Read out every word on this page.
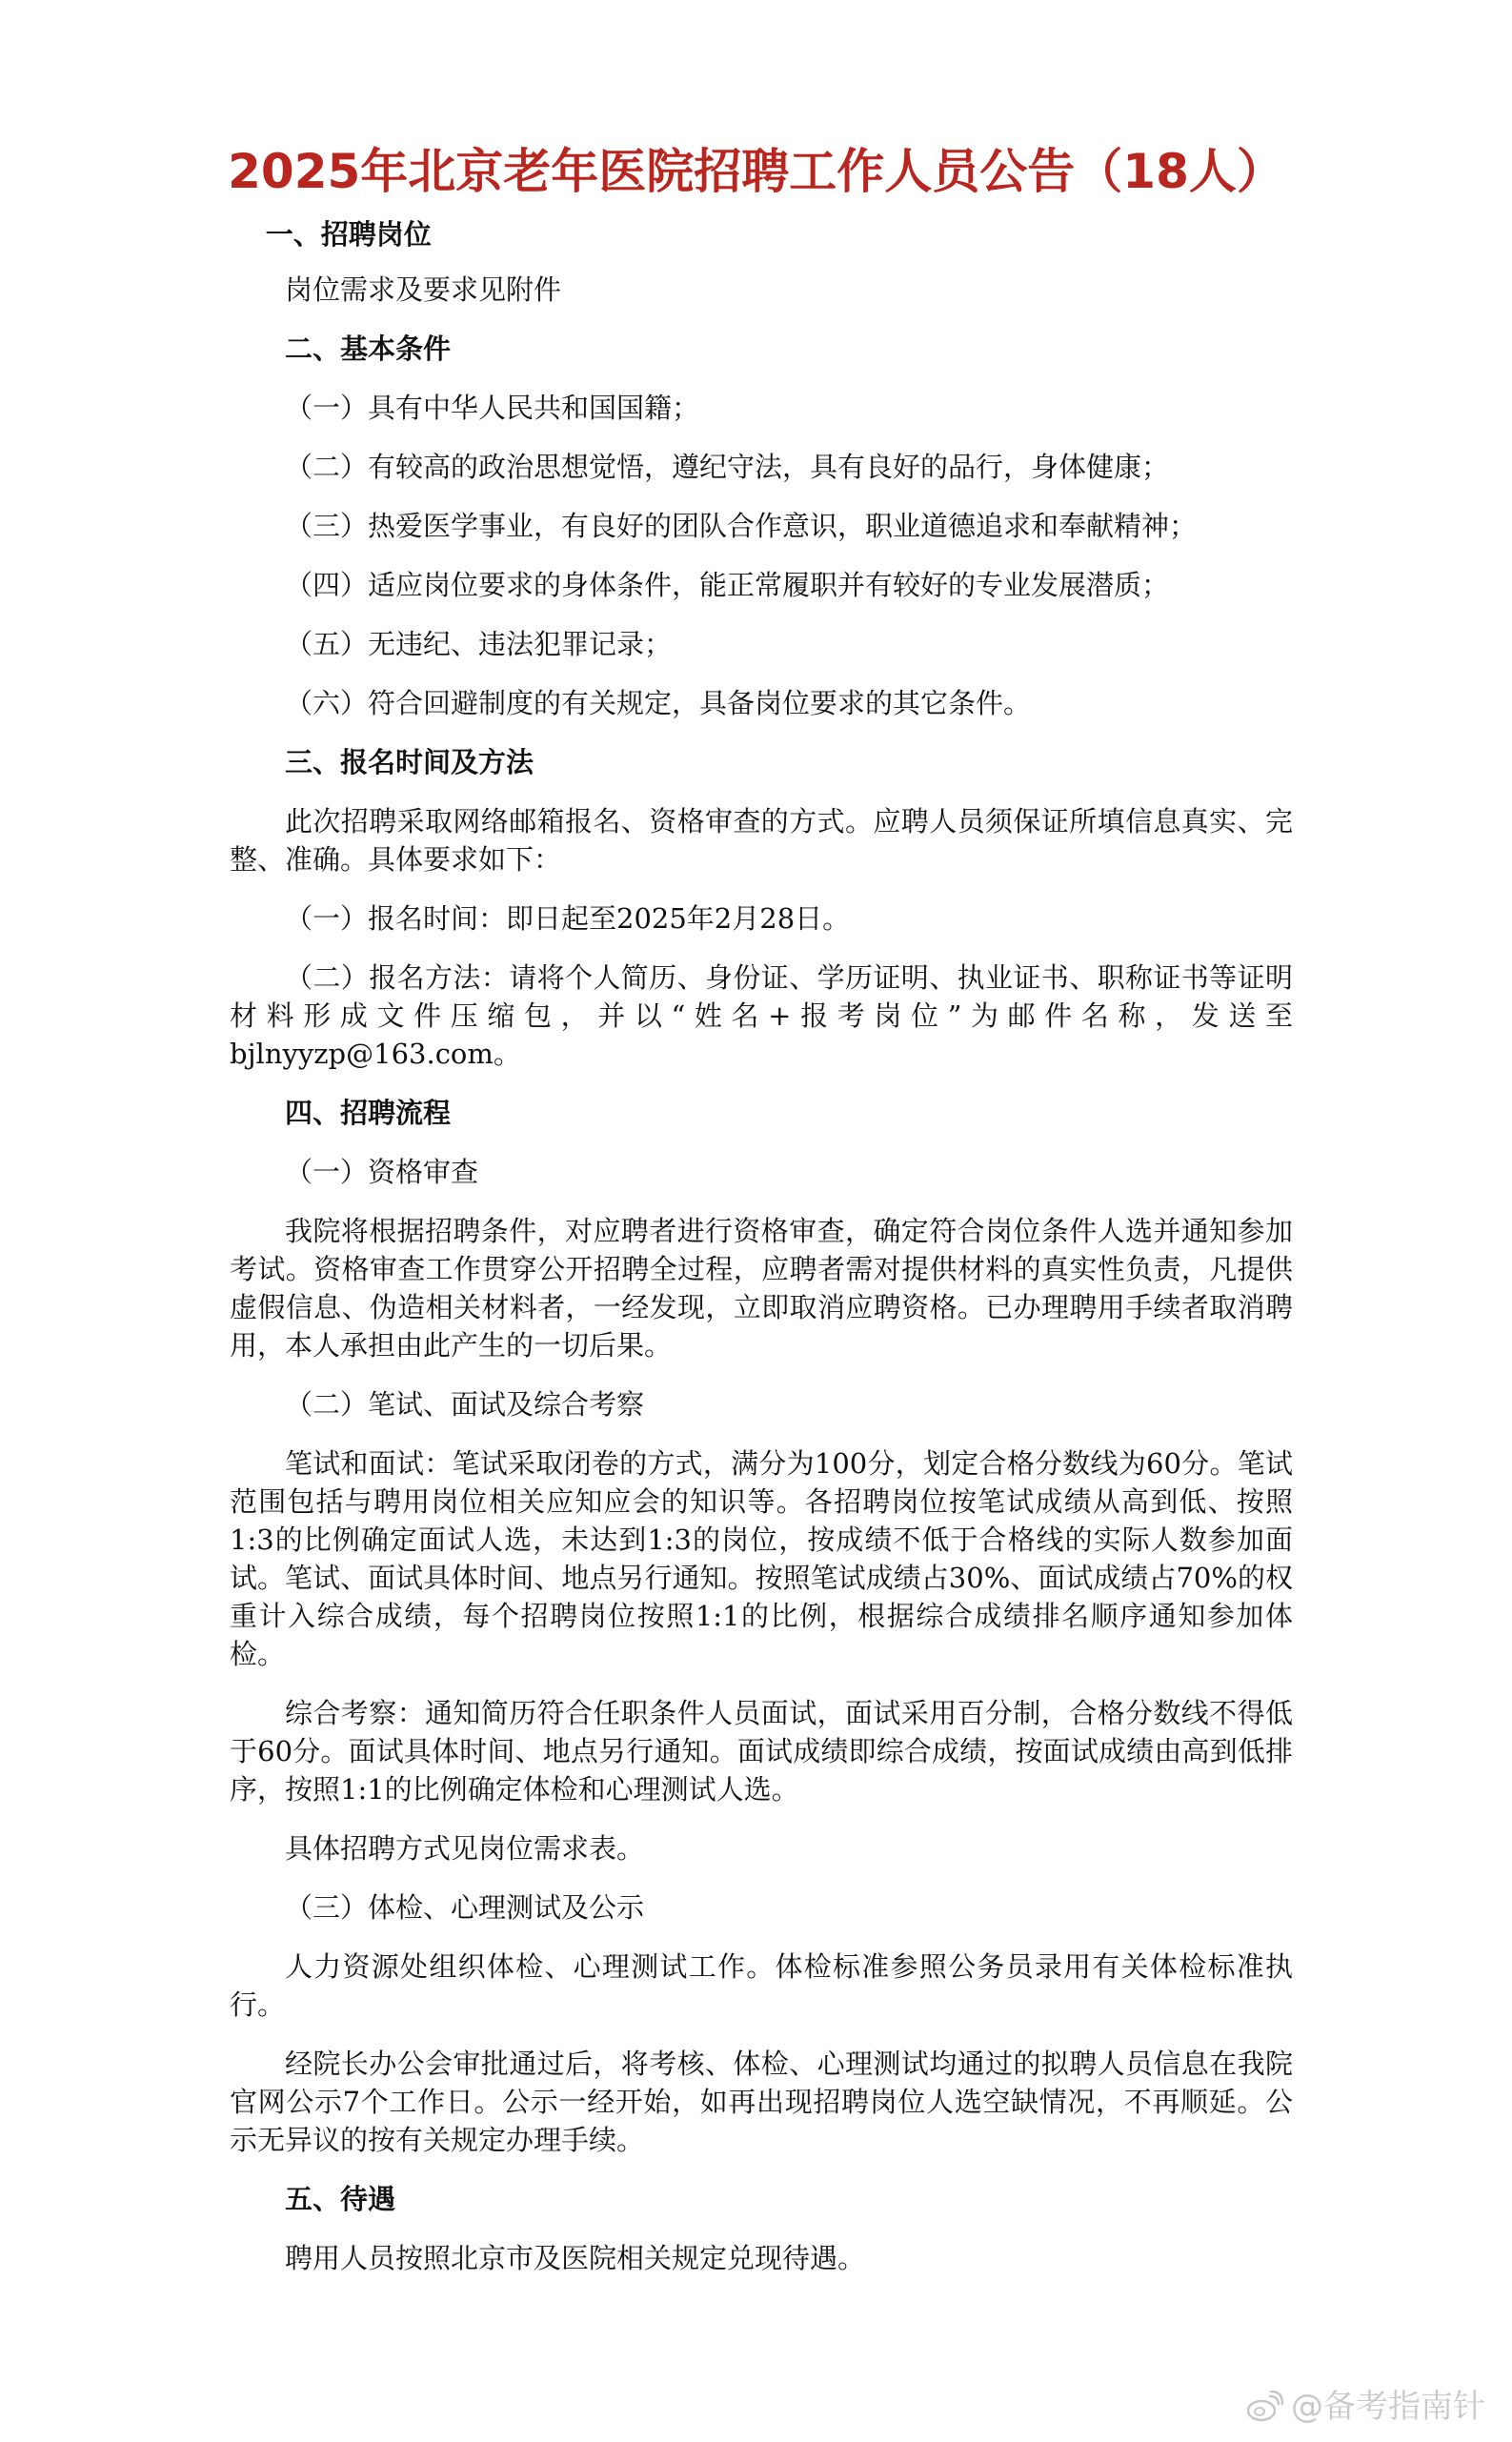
2025年北京老年医院招聘工作人员公告（18人）
一、招聘岗位
岗位需求及要求见附件
二、基本条件
（一）具有中华人民共和国国籍；
（二）有较高的政治思想觉悟，遵纪守法，具有良好的品行，身体健康；
（三）热爱医学事业，有良好的团队合作意识，职业道德追求和奉献精神；
（四）适应岗位要求的身体条件，能正常履职并有较好的专业发展潜质；
（五）无违纪、违法犯罪记录；
（六）符合回避制度的有关规定，具备岗位要求的其它条件。
三、报名时间及方法
此次招聘采取网络邮箱报名、资格审查的方式。应聘人员须保证所填信息真实、完整、准确。具体要求如下：
（一）报名时间：即日起至2025年2月28日。
（二）报名方法：请将个人简历、身份证、学历证明、执业证书、职称证书等证明材料形成文件压缩包，并以“姓名+报考岗位”为邮件名称，发送至bjlnyyzp@163.com。
四、招聘流程
（一）资格审查
我院将根据招聘条件，对应聘者进行资格审查，确定符合岗位条件人选并通知参加考试。资格审查工作贯穿公开招聘全过程，应聘者需对提供材料的真实性负责，凡提供虚假信息、伪造相关材料者，一经发现，立即取消应聘资格。已办理聘用手续者取消聘用，本人承担由此产生的一切后果。
（二）笔试、面试及综合考察
笔试和面试：笔试采取闭卷的方式，满分为100分，划定合格分数线为60分。笔试范围包括与聘用岗位相关应知应会的知识等。各招聘岗位按笔试成绩从高到低、按照1:3的比例确定面试人选，未达到1:3的岗位，按成绩不低于合格线的实际人数参加面试。笔试、面试具体时间、地点另行通知。按照笔试成绩占30%、面试成绩占70%的权重计入综合成绩，每个招聘岗位按照1:1的比例，根据综合成绩排名顺序通知参加体检。
综合考察：通知简历符合任职条件人员面试，面试采用百分制，合格分数线不得低于60分。面试具体时间、地点另行通知。面试成绩即综合成绩，按面试成绩由高到低排序，按照1:1的比例确定体检和心理测试人选。
具体招聘方式见岗位需求表。
（三）体检、心理测试及公示
人力资源处组织体检、心理测试工作。体检标准参照公务员录用有关体检标准执行。
经院长办公会审批通过后，将考核、体检、心理测试均通过的拟聘人员信息在我院官网公示7个工作日。公示一经开始，如再出现招聘岗位人选空缺情况，不再顺延。公示无异议的按有关规定办理手续。
五、待遇
聘用人员按照北京市及医院相关规定兑现待遇。
@备考指南针
